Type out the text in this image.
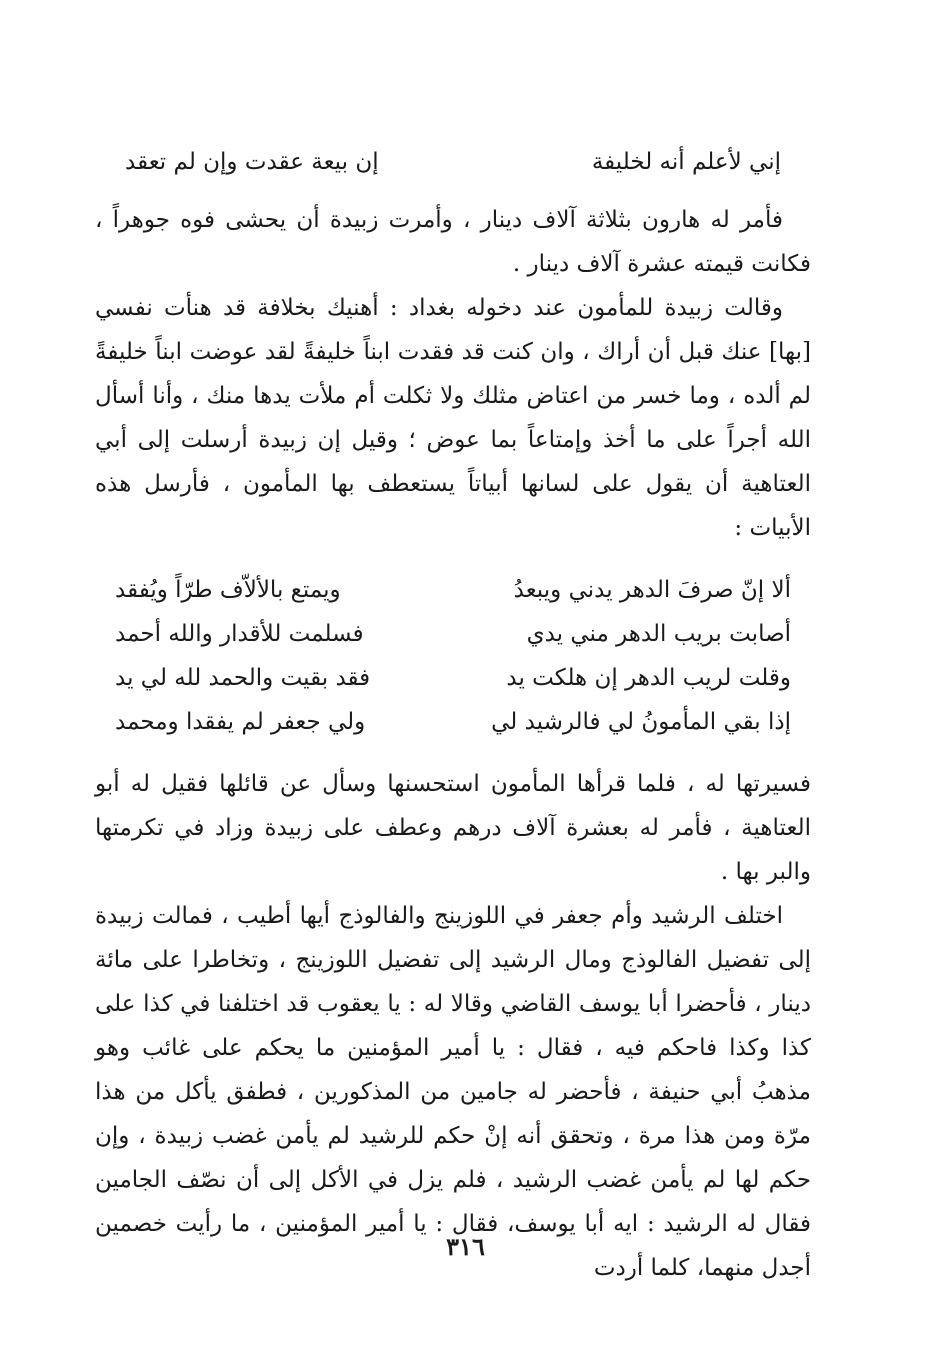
إني لأعلم أنه لخليفة
إن بيعة عقدت وإن لم تعقد

فأمر له هارون بثلاثة آلاف دينار ، وأمرت زبيدة أن يحشى فوه جوهراً ، فكانت قيمته عشرة آلاف دينار .

وقالت زبيدة للمأمون عند دخوله بغداد : أهنيك بخلافة قد هنأت نفسي [بها] عنك قبل أن أراك ، وان كنت قد فقدت ابناً خليفةً لقد عوضت ابناً خليفةً لم ألده ، وما خسر من اعتاض مثلك ولا ثكلت أم ملأت يدها منك ، وأنا أسأل الله أجراً على ما أخذ وإمتاعاً بما عوض ؛ وقيل إن زبيدة أرسلت إلى أبي العتاهية أن يقول على لسانها أبياتاً يستعطف بها المأمون ، فأرسل هذه الأبيات :

ألا إنّ صرفَ الدهر يدني ويبعدُ
ويمتع بالألاّف طرّاً ويُفقد
أصابت بريب الدهر مني يدي
فسلمت للأقدار والله أحمد
وقلت لريب الدهر إن هلكت يد
فقد بقيت والحمد لله لي يد
إذا بقي المأمونُ لي فالرشيد لي
ولي جعفر لم يفقدا ومحمد

فسيرتها له ، فلما قرأها المأمون استحسنها وسأل عن قائلها فقيل له أبو العتاهية ، فأمر له بعشرة آلاف درهم وعطف على زبيدة وزاد في تكرمتها والبر بها .

اختلف الرشيد وأم جعفر في اللوزينج والفالوذج أيها أطيب ، فمالت زبيدة إلى تفضيل الفالوذج ومال الرشيد إلى تفضيل اللوزينج ، وتخاطرا على مائة دينار ، فأحضرا أبا يوسف القاضي وقالا له : يا يعقوب قد اختلفنا في كذا على كذا وكذا فاحكم فيه ، فقال : يا أمير المؤمنين ما يحكم على غائب وهو مذهبُ أبي حنيفة ، فأحضر له جامين من المذكورين ، فطفق يأكل من هذا مرّة ومن هذا مرة ، وتحقق أنه إنْ حكم للرشيد لم يأمن غضب زبيدة ، وإن حكم لها لم يأمن غضب الرشيد ، فلم يزل في الأكل إلى أن نصّف الجامين فقال له الرشيد : ايه أبا يوسف، فقال : يا أمير المؤمنين ، ما رأيت خصمين أجدل منهما، كلما أردت

٣١٦
